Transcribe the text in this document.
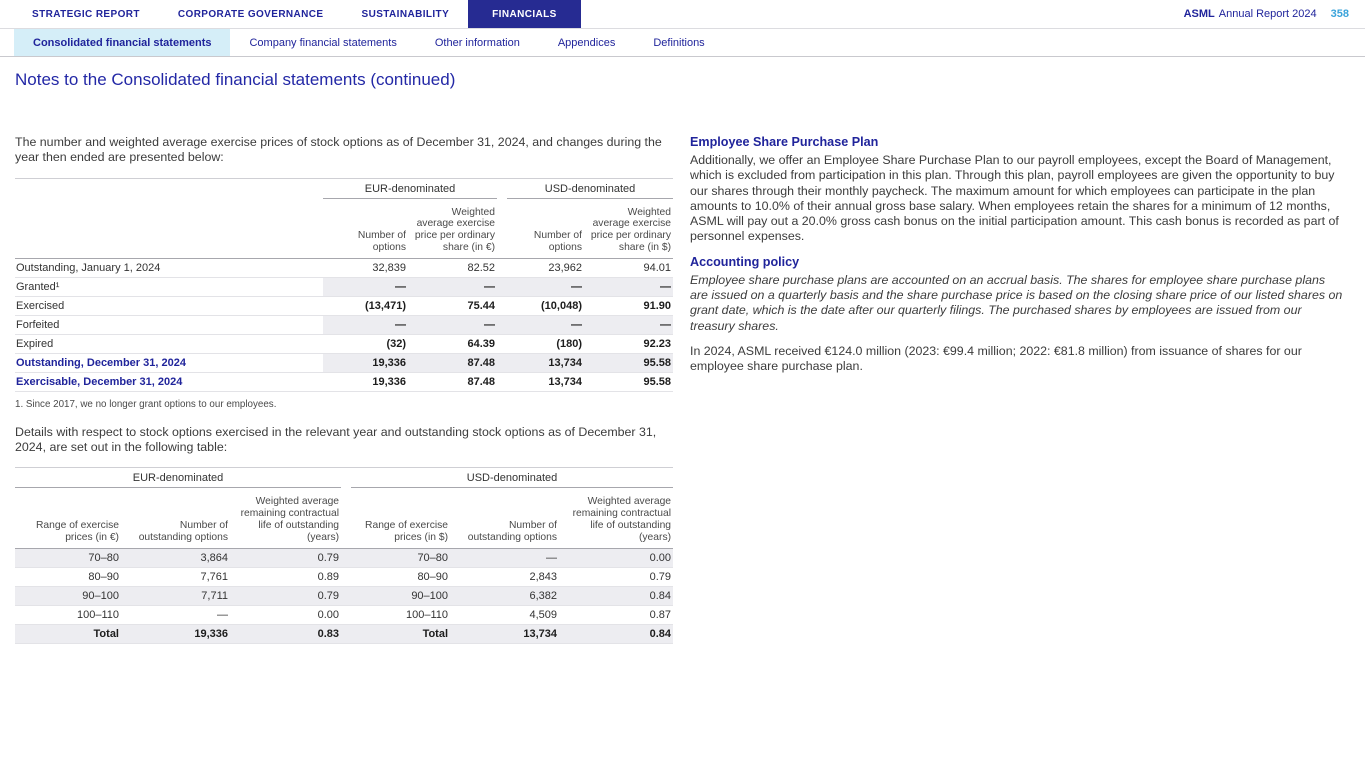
STRATEGIC REPORT	CORPORATE GOVERNANCE	SUSTAINABILITY	FINANCIALS	ASML Annual Report 2024 358
Consolidated financial statements	Company financial statements	Other information	Appendices	Definitions
Notes to the Consolidated financial statements (continued)

The number and weighted average exercise prices of stock options as of December 31, 2024, and changes during the year then ended are presented below:

	EUR-denominated		USD-denominated	

	Number of options	Weighted average exercise price per ordinary share (in €)	Number of options	Weighted average exercise price per ordinary share (in $)
Outstanding, January 1, 2024	32,839	82.52	23,962	94.01
Granted¹	—	—	—	—
Exercised	(13,471)	75.44	(10,048)	91.90
Forfeited	—	—	—	—
Expired	(32)	64.39	(180)	92.23
Outstanding, December 31, 2024	19,336	87.48	13,734	95.58
Exercisable, December 31, 2024	19,336	87.48	13,734	95.58
1. Since 2017, we no longer grant options to our employees.

Details with respect to stock options exercised in the relevant year and outstanding stock options as of December 31, 2024, are set out in the following table:

EUR-denominated			USD-denominated		

Range of exercise prices (in €)	Number of outstanding options	Weighted average remaining contractual life of outstanding (years)	Range of exercise prices (in $)	Number of outstanding options	Weighted average remaining contractual life of outstanding (years)
70–80	3,864	0.79	70–80	—	0.00
80–90	7,761	0.89	80–90	2,843	0.79
90–100	7,711	0.79	90–100	6,382	0.84
100–110	—	0.00	100–110	4,509	0.87
Total	19,336	0.83	Total	13,734	0.84
Employee Share Purchase Plan

Additionally, we offer an Employee Share Purchase Plan to our payroll employees, except the Board of Management, which is excluded from participation in this plan. Through this plan, payroll employees are given the opportunity to buy our shares through their monthly paycheck. The maximum amount for which employees can participate in the plan amounts to 10.0% of their annual gross base salary. When employees retain the shares for a minimum of 12 months, ASML will pay out a 20.0% gross cash bonus on the initial participation amount. This cash bonus is recorded as part of personnel expenses.

Accounting policy

Employee share purchase plans are accounted on an accrual basis. The shares for employee share purchase plans are issued on a quarterly basis and the share purchase price is based on the closing share price of our listed shares on grant date, which is the date after our quarterly filings. The purchased shares by employees are issued from our treasury shares.

In 2024, ASML received €124.0 million (2023: €99.4 million; 2022: €81.8 million) from issuance of shares for our employee share purchase plan.
